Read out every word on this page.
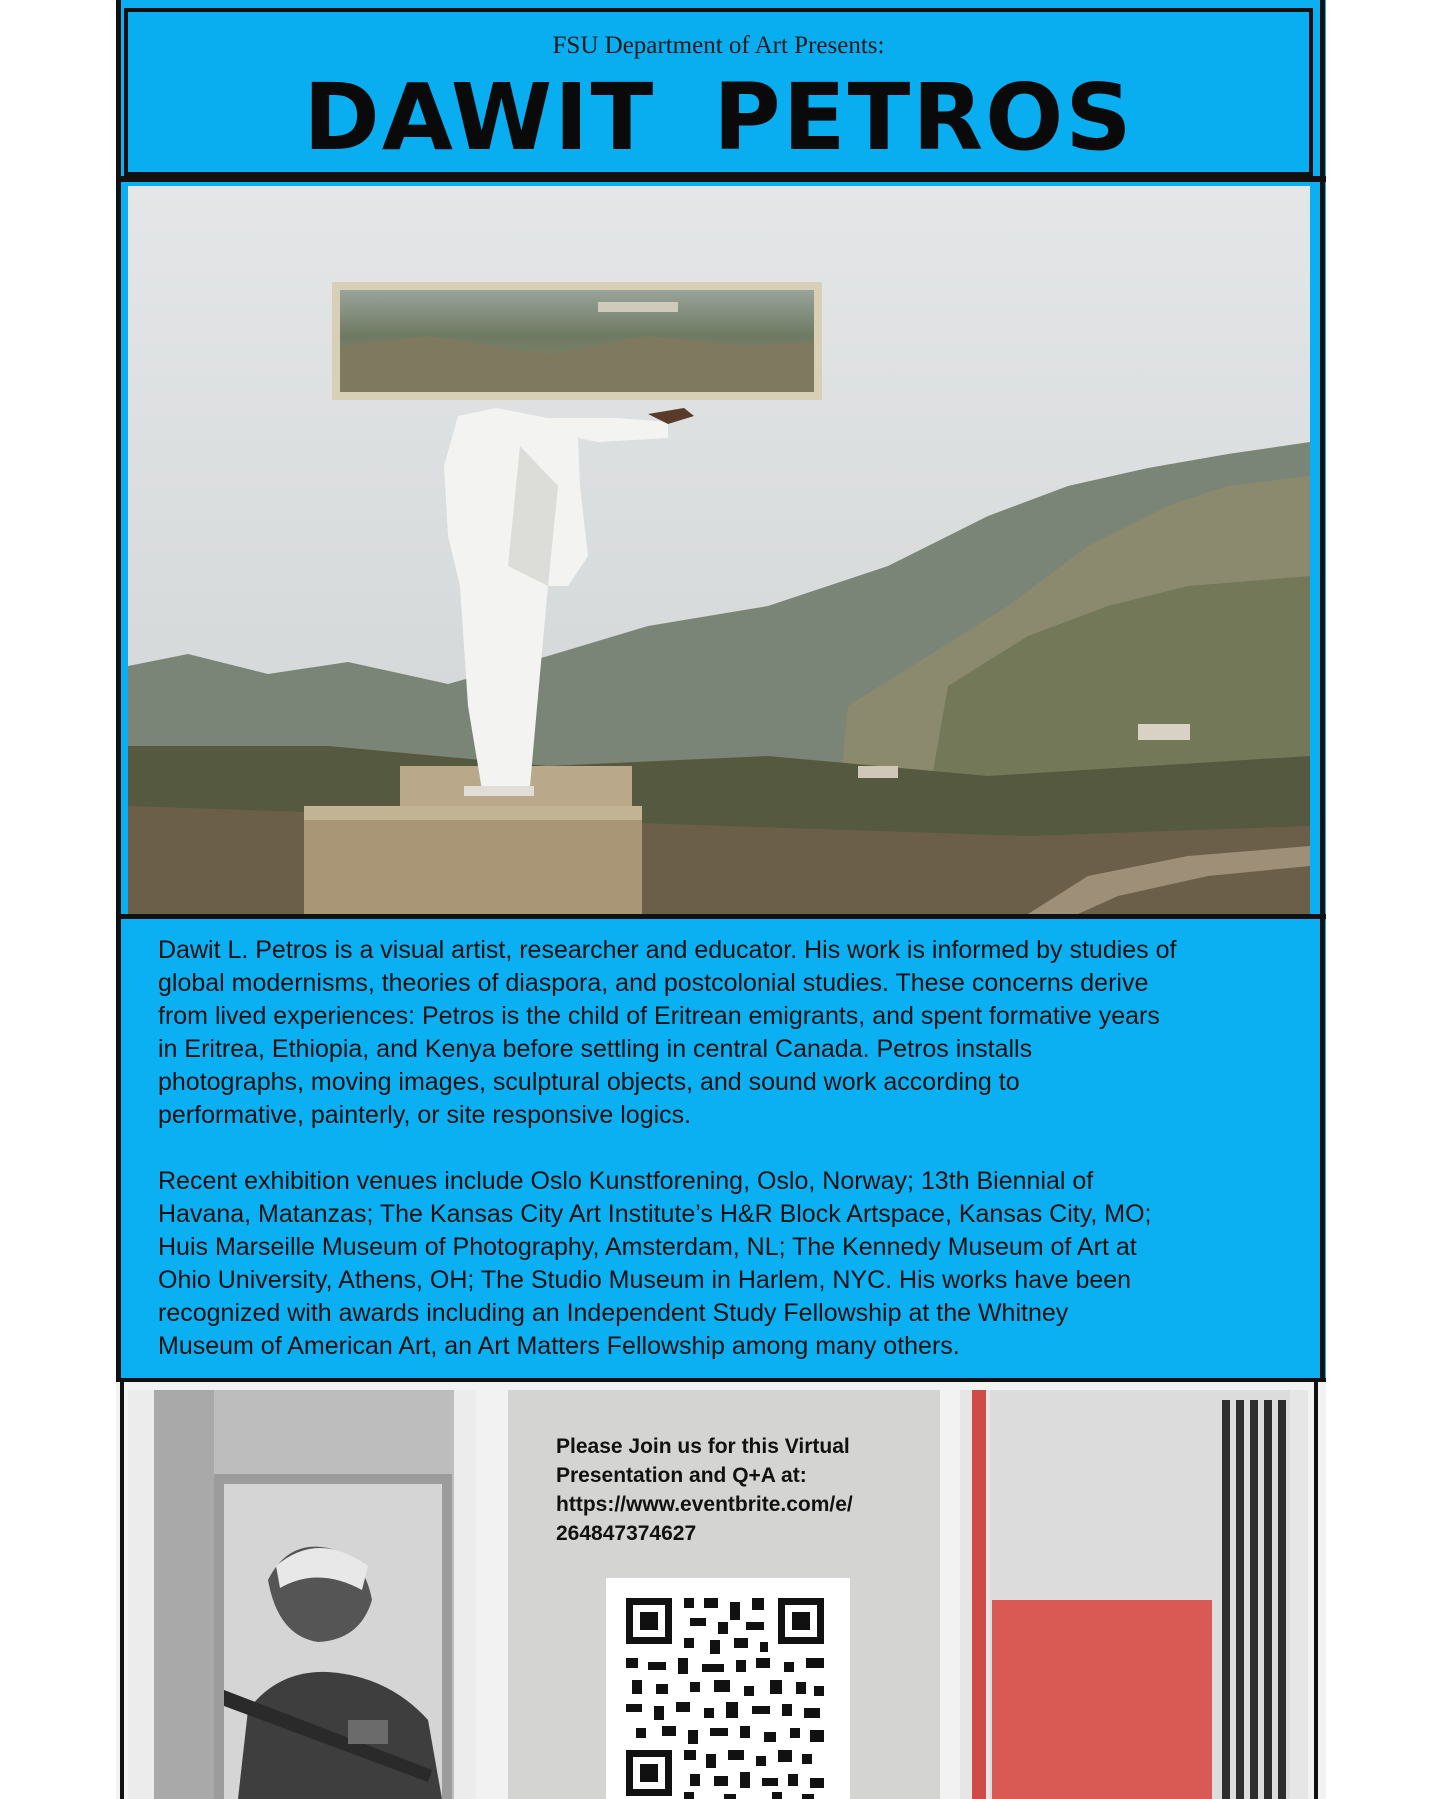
FSU Department of Art Presents:
DAWIT PETROS

Dawit L. Petros is a visual artist, researcher and educator. His work is informed by studies of
global modernisms, theories of diaspora, and postcolonial studies. These concerns derive
from lived experiences: Petros is the child of Eritrean emigrants, and spent formative years
in Eritrea, Ethiopia, and Kenya before settling in central Canada. Petros installs
photographs, moving images, sculptural objects, and sound work according to
performative, painterly, or site responsive logics.

Recent exhibition venues include Oslo Kunstforening, Oslo, Norway; 13th Biennial of
Havana, Matanzas; The Kansas City Art Institute’s H&R Block Artspace, Kansas City, MO;
Huis Marseille Museum of Photography, Amsterdam, NL; The Kennedy Museum of Art at
Ohio University, Athens, OH; The Studio Museum in Harlem, NYC. His works have been
recognized with awards including an Independent Study Fellowship at the Whitney
Museum of American Art, an Art Matters Fellowship among many others.

Please Join us for this Virtual
Presentation and Q+A at:
https://www.eventbrite.com/e/
264847374627
